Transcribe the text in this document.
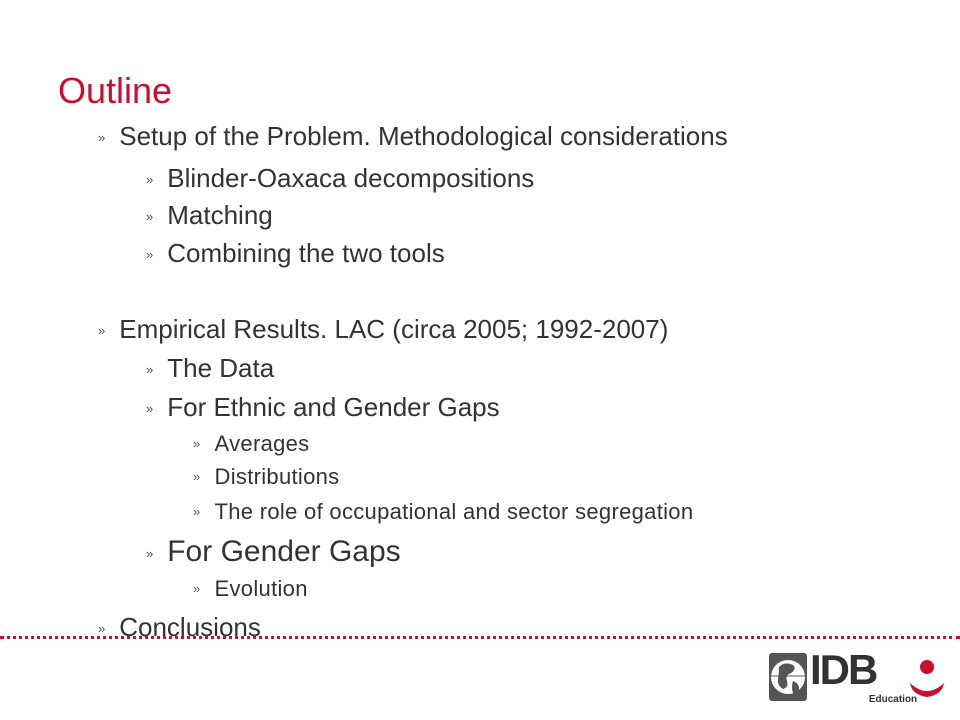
Outline
» Setup of the Problem. Methodological considerations
» Blinder-Oaxaca decompositions
» Matching
» Combining the two tools
» Empirical Results. LAC (circa 2005; 1992-2007)
» The Data
» For Ethnic and Gender Gaps
» Averages
» Distributions
» The role of occupational and sector segregation
» For Gender Gaps
» Evolution
» Conclusions
IDB
Education
